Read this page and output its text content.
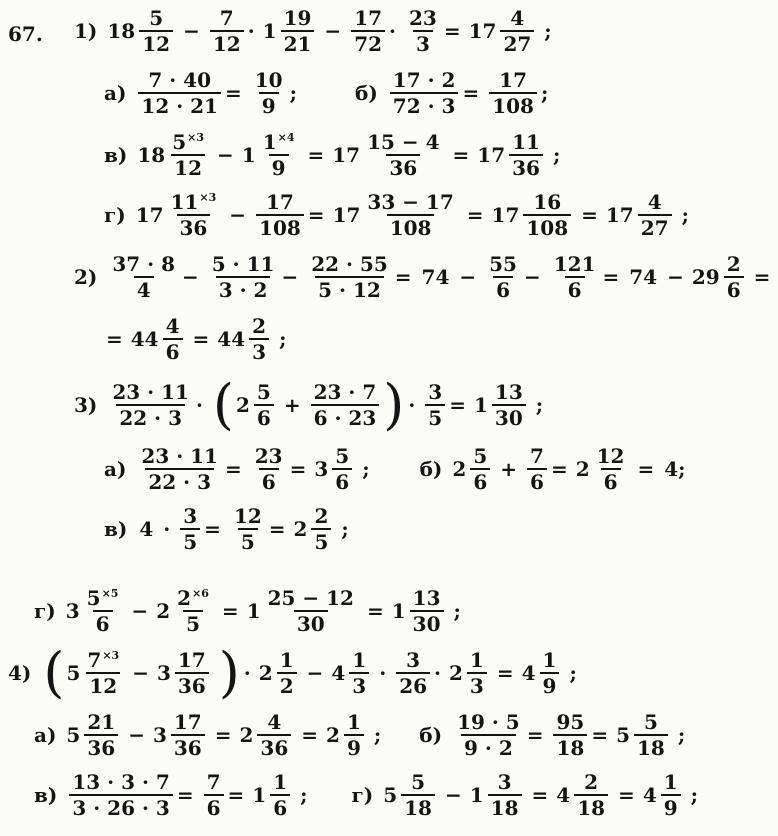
67. 1) $18 \frac{5}{12} - \frac{7}{12} \cdot 1 \frac{19}{21} - \frac{17}{72} \cdot \frac{23}{3} = 17 \frac{4}{27}$ ;
$а) \frac{7 \cdot 40}{12 \cdot 21} = \frac{10}{9}$ ;	$б) \frac{17 \cdot 2}{72 \cdot 3} = \frac{17}{108}$ ;
в) $18 \frac{5^{\times 3}}{12} - 1 \frac{1^{\times 4}}{9} = 17 \frac{15 - 4}{36} = 17 \frac{11}{36}$ ;
г) $17 \frac{11^{\times 3}}{36} - \frac{17}{108} = 17 \frac{33 - 17}{108} = 17 \frac{16}{108} = 17 \frac{4}{27}$ ;
$2) \frac{37 \cdot 8}{4} - \frac{5 \cdot 11}{3 \cdot 2} - \frac{22 \cdot 55}{5 \cdot 12} = 74 - \frac{55}{6} - \frac{121}{6} = 74 - 29 \frac{2}{6}$ =
= $44 \frac{4}{6} = 44 \frac{2}{3}$ ;
$3) \frac{23 \cdot 11}{22 \cdot 3}$ · ( $2 \frac{5}{6} + \frac{23 \cdot 7}{6 \cdot 23}$ ) · $\frac{3}{5} = 1 \frac{13}{30}$ ;
$а) \frac{23 \cdot 11}{22 \cdot 3} = \frac{23}{6} = 3 \frac{5}{6}$ ;	б) $2 \frac{5}{6} + \frac{7}{6} = 2 \frac{12}{6} = 4$;
в) $4 \cdot \frac{3}{5} = \frac{12}{5} = 2 \frac{2}{5}$ ;
г) $3 \frac{5^{\times 5}}{6} - 2 \frac{2^{\times 6}}{5} = 1 \frac{25 - 12}{30} = 1 \frac{13}{30}$ ;
4) ( $5 \frac{7^{\times 3}}{12} - 3 \frac{17}{36}$ ) · $2 \frac{1}{2} - 4 \frac{1}{3} \cdot \frac{3}{26} \cdot 2 \frac{1}{3} = 4 \frac{1}{9}$ ;
а) $5 \frac{21}{36} - 3 \frac{17}{36} = 2 \frac{4}{36} = 2 \frac{1}{9}$ ; $б) \frac{19 \cdot 5}{9 \cdot 2} = \frac{95}{18} = 5 \frac{5}{18}$ ;
$в) \frac{13 \cdot 3 \cdot 7}{3 \cdot 26 \cdot 3} = \frac{7}{6} = 1 \frac{1}{6}$ ; г) $5 \frac{5}{18} - 1 \frac{3}{18} = 4 \frac{2}{18} = 4 \frac{1}{9}$ ;
